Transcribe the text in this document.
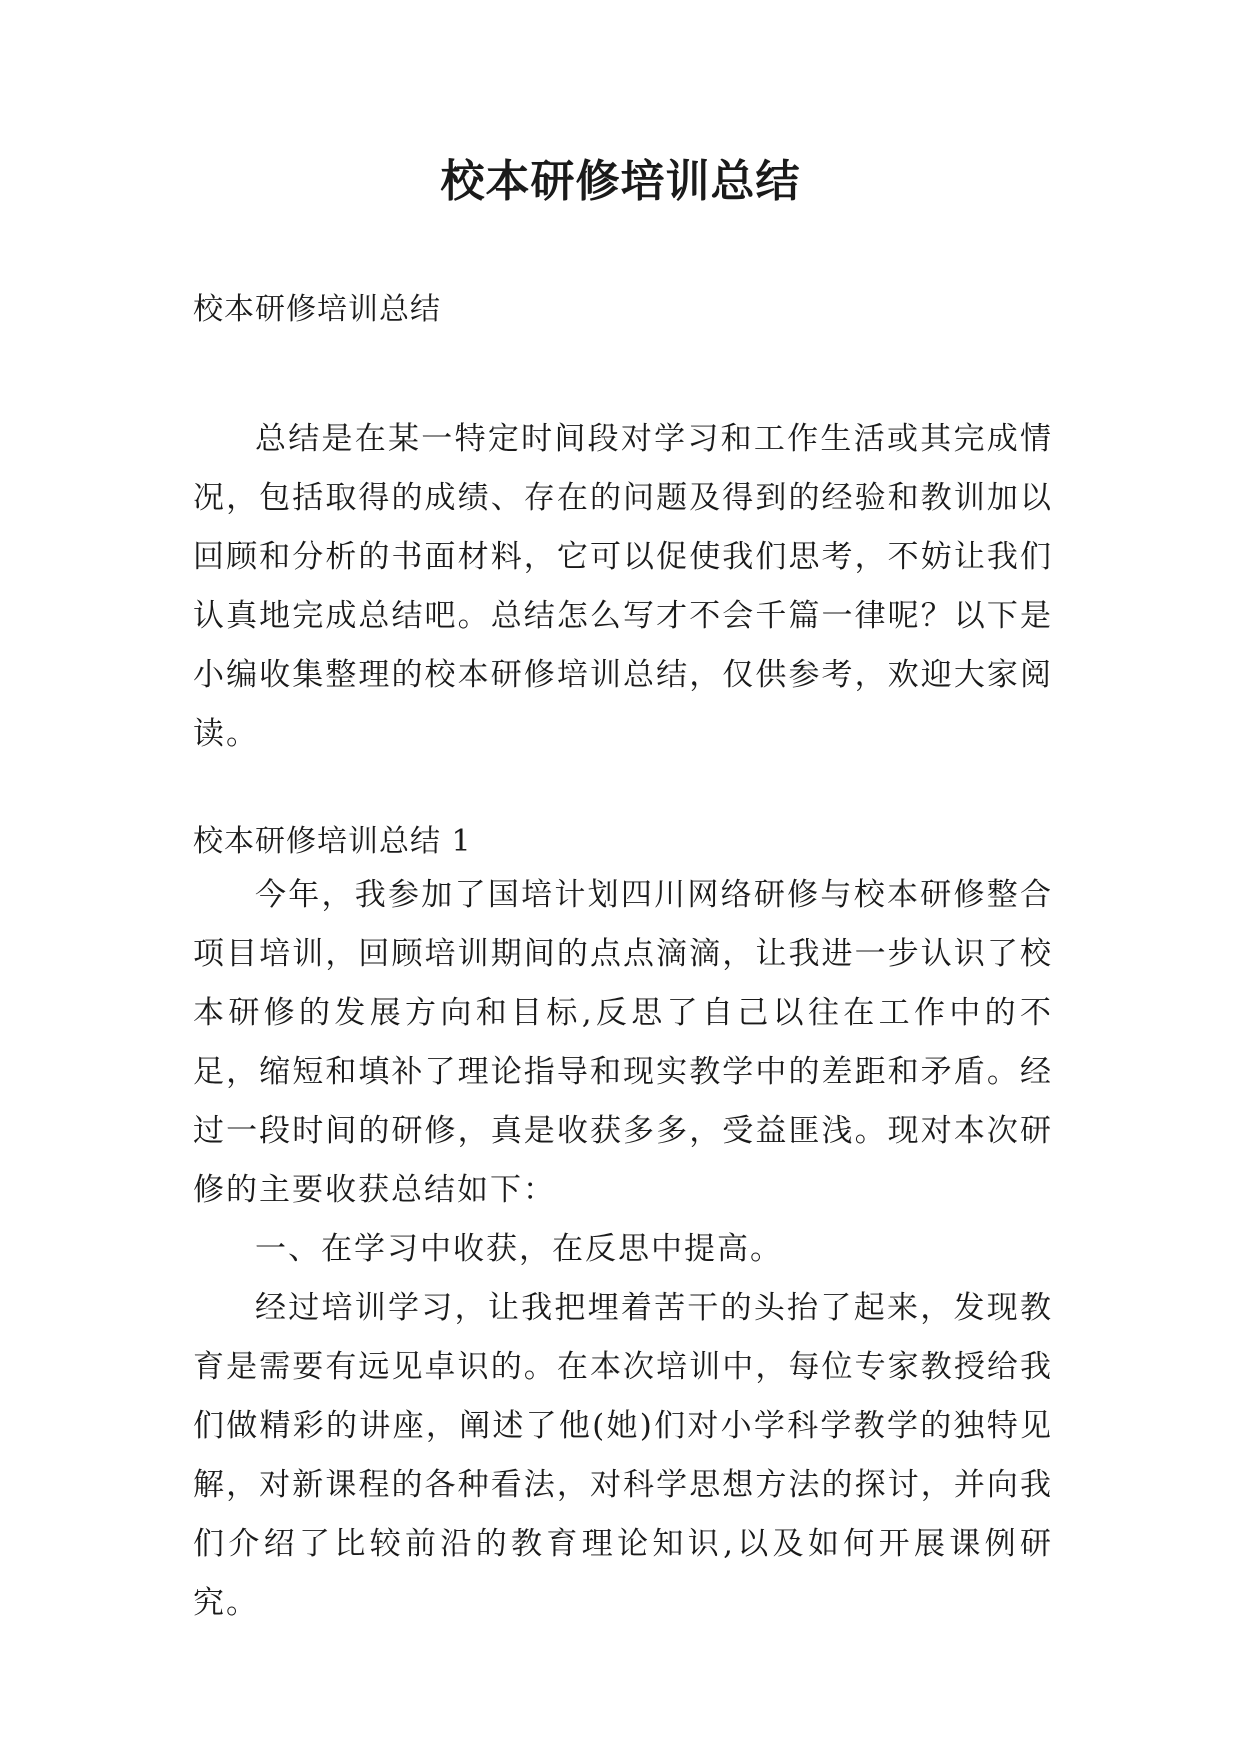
校本研修培训总结

校本研修培训总结

总结是在某一特定时间段对学习和工作生活或其完成情况，包括取得的成绩、存在的问题及得到的经验和教训加以回顾和分析的书面材料，它可以促使我们思考，不妨让我们认真地完成总结吧。总结怎么写才不会千篇一律呢？以下是小编收集整理的校本研修培训总结，仅供参考，欢迎大家阅读。

校本研修培训总结 1

今年，我参加了国培计划四川网络研修与校本研修整合项目培训，回顾培训期间的点点滴滴，让我进一步认识了校本研修的发展方向和目标,反思了自己以往在工作中的不足，缩短和填补了理论指导和现实教学中的差距和矛盾。经过一段时间的研修，真是收获多多，受益匪浅。现对本次研修的主要收获总结如下：

一、在学习中收获，在反思中提高。

经过培训学习，让我把埋着苦干的头抬了起来，发现教育是需要有远见卓识的。在本次培训中，每位专家教授给我们做精彩的讲座，阐述了他(她)们对小学科学教学的独特见解，对新课程的各种看法，对科学思想方法的探讨，并向我们介绍了比较前沿的教育理论知识,以及如何开展课例研究。
